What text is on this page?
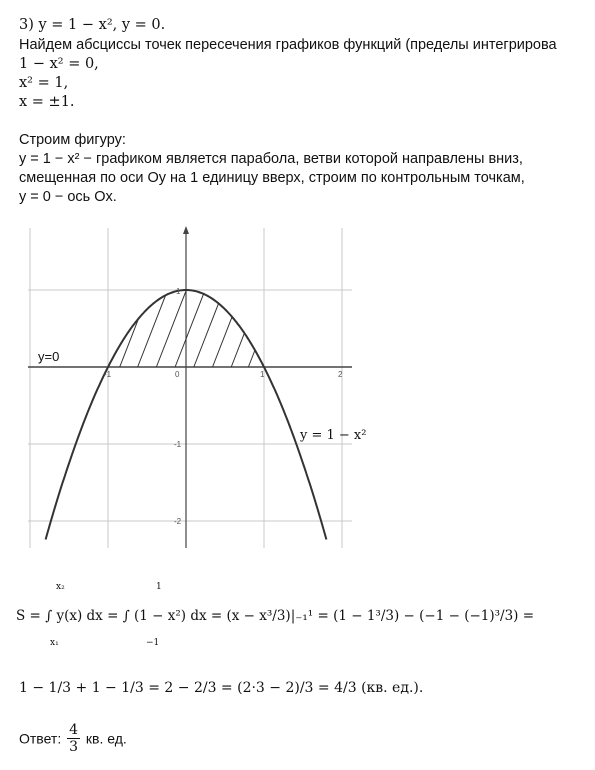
3) y = 1 − x², y = 0.
Найдем абсциссы точек пересечения графиков функций (пределы интегрирова
1 − x² = 0,
x² = 1,
x = ±1.
Строим фигуру:
y = 1 − x² − графиком является парабола, ветви которой направлены вниз,
смещенная по оси Oy на 1 единицу вверх, строим по контрольным точкам,
y = 0 − ось Ox.
-1	0	1	2
1
-1
-2
y=0
y = 1 − x²
x₂
x₁
1
−1
S = ∫ y(x) dx = ∫ (1 − x²) dx = (x − x³/3)|₋₁¹ = (1 − 1³/3) − (−1 − (−1)³/3) =
1 − 1/3 + 1 − 1/3 = 2 − 2/3 = (2·3 − 2)/3 = 4/3 (кв. ед.).
Ответ: $\frac{4}{3}$ кв. ед.
